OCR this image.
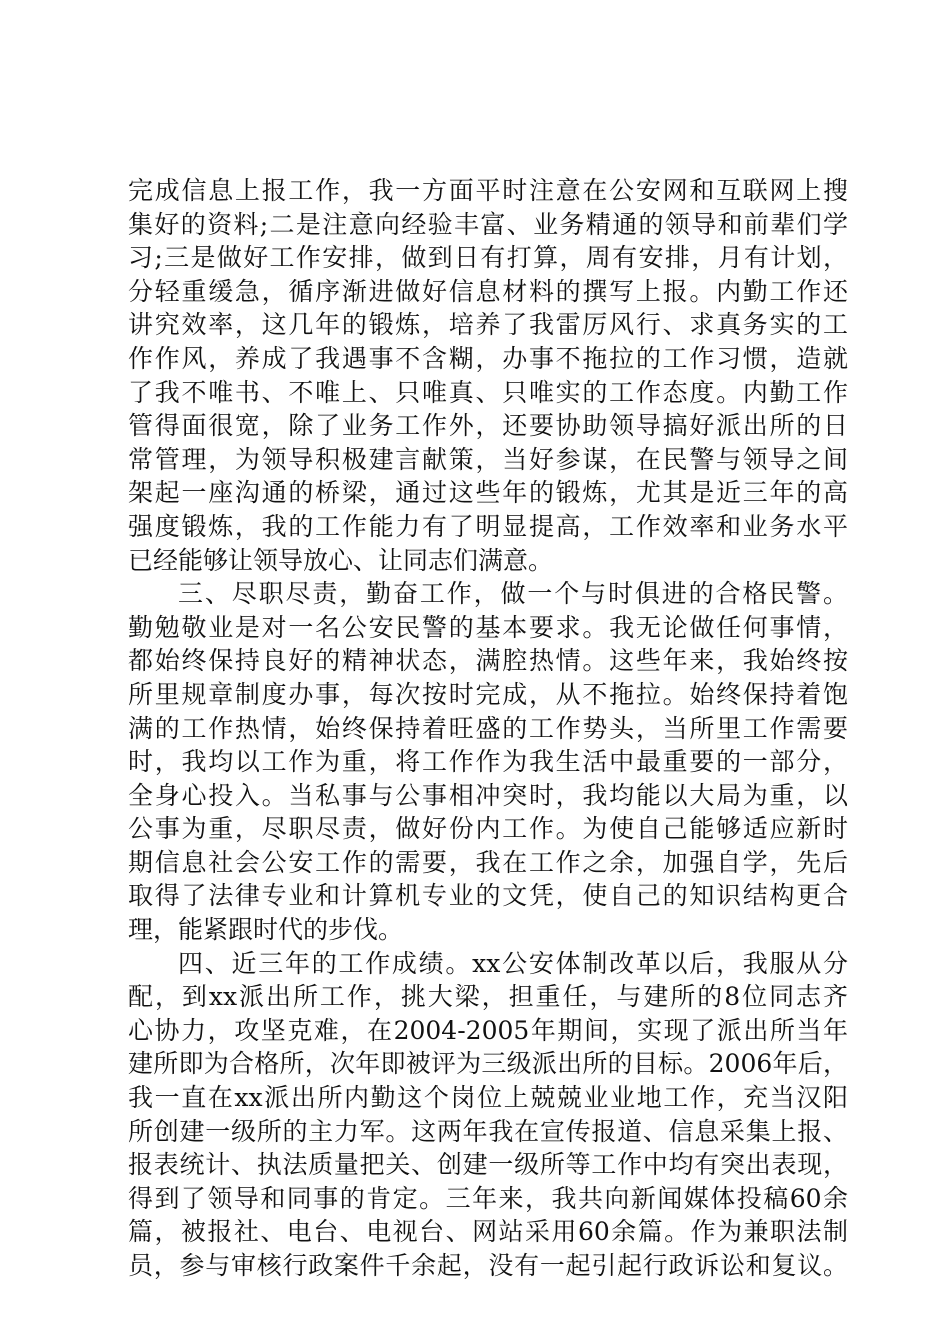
完成信息上报工作，我一方面平时注意在公安网和互联网上搜
集好的资料;二是注意向经验丰富、业务精通的领导和前辈们学
习;三是做好工作安排，做到日有打算，周有安排，月有计划，
分轻重缓急，循序渐进做好信息材料的撰写上报。内勤工作还
讲究效率，这几年的锻炼，培养了我雷厉风行、求真务实的工
作作风，养成了我遇事不含糊，办事不拖拉的工作习惯，造就
了我不唯书、不唯上、只唯真、只唯实的工作态度。内勤工作
管得面很宽，除了业务工作外，还要协助领导搞好派出所的日
常管理，为领导积极建言献策，当好参谋，在民警与领导之间
架起一座沟通的桥梁，通过这些年的锻炼，尤其是近三年的高
强度锻炼，我的工作能力有了明显提高，工作效率和业务水平
已经能够让领导放心、让同志们满意。
三、尽职尽责，勤奋工作，做一个与时俱进的合格民警。
勤勉敬业是对一名公安民警的基本要求。我无论做任何事情，
都始终保持良好的精神状态，满腔热情。这些年来，我始终按
所里规章制度办事，每次按时完成，从不拖拉。始终保持着饱
满的工作热情，始终保持着旺盛的工作势头，当所里工作需要
时，我均以工作为重，将工作作为我生活中最重要的一部分，
全身心投入。当私事与公事相冲突时，我均能以大局为重，以
公事为重，尽职尽责，做好份内工作。为使自己能够适应新时
期信息社会公安工作的需要，我在工作之余，加强自学，先后
取得了法律专业和计算机专业的文凭，使自己的知识结构更合
理，能紧跟时代的步伐。
四、近三年的工作成绩。xx公安体制改革以后，我服从分
配，到xx派出所工作，挑大梁，担重任，与建所的8位同志齐
心协力，攻坚克难，在2004-2005年期间，实现了派出所当年
建所即为合格所，次年即被评为三级派出所的目标。2006年后，
我一直在xx派出所内勤这个岗位上兢兢业业地工作，充当汉阳
所创建一级所的主力军。这两年我在宣传报道、信息采集上报、
报表统计、执法质量把关、创建一级所等工作中均有突出表现，
得到了领导和同事的肯定。三年来，我共向新闻媒体投稿60余
篇，被报社、电台、电视台、网站采用60余篇。作为兼职法制
员，参与审核行政案件千余起，没有一起引起行政诉讼和复议。
